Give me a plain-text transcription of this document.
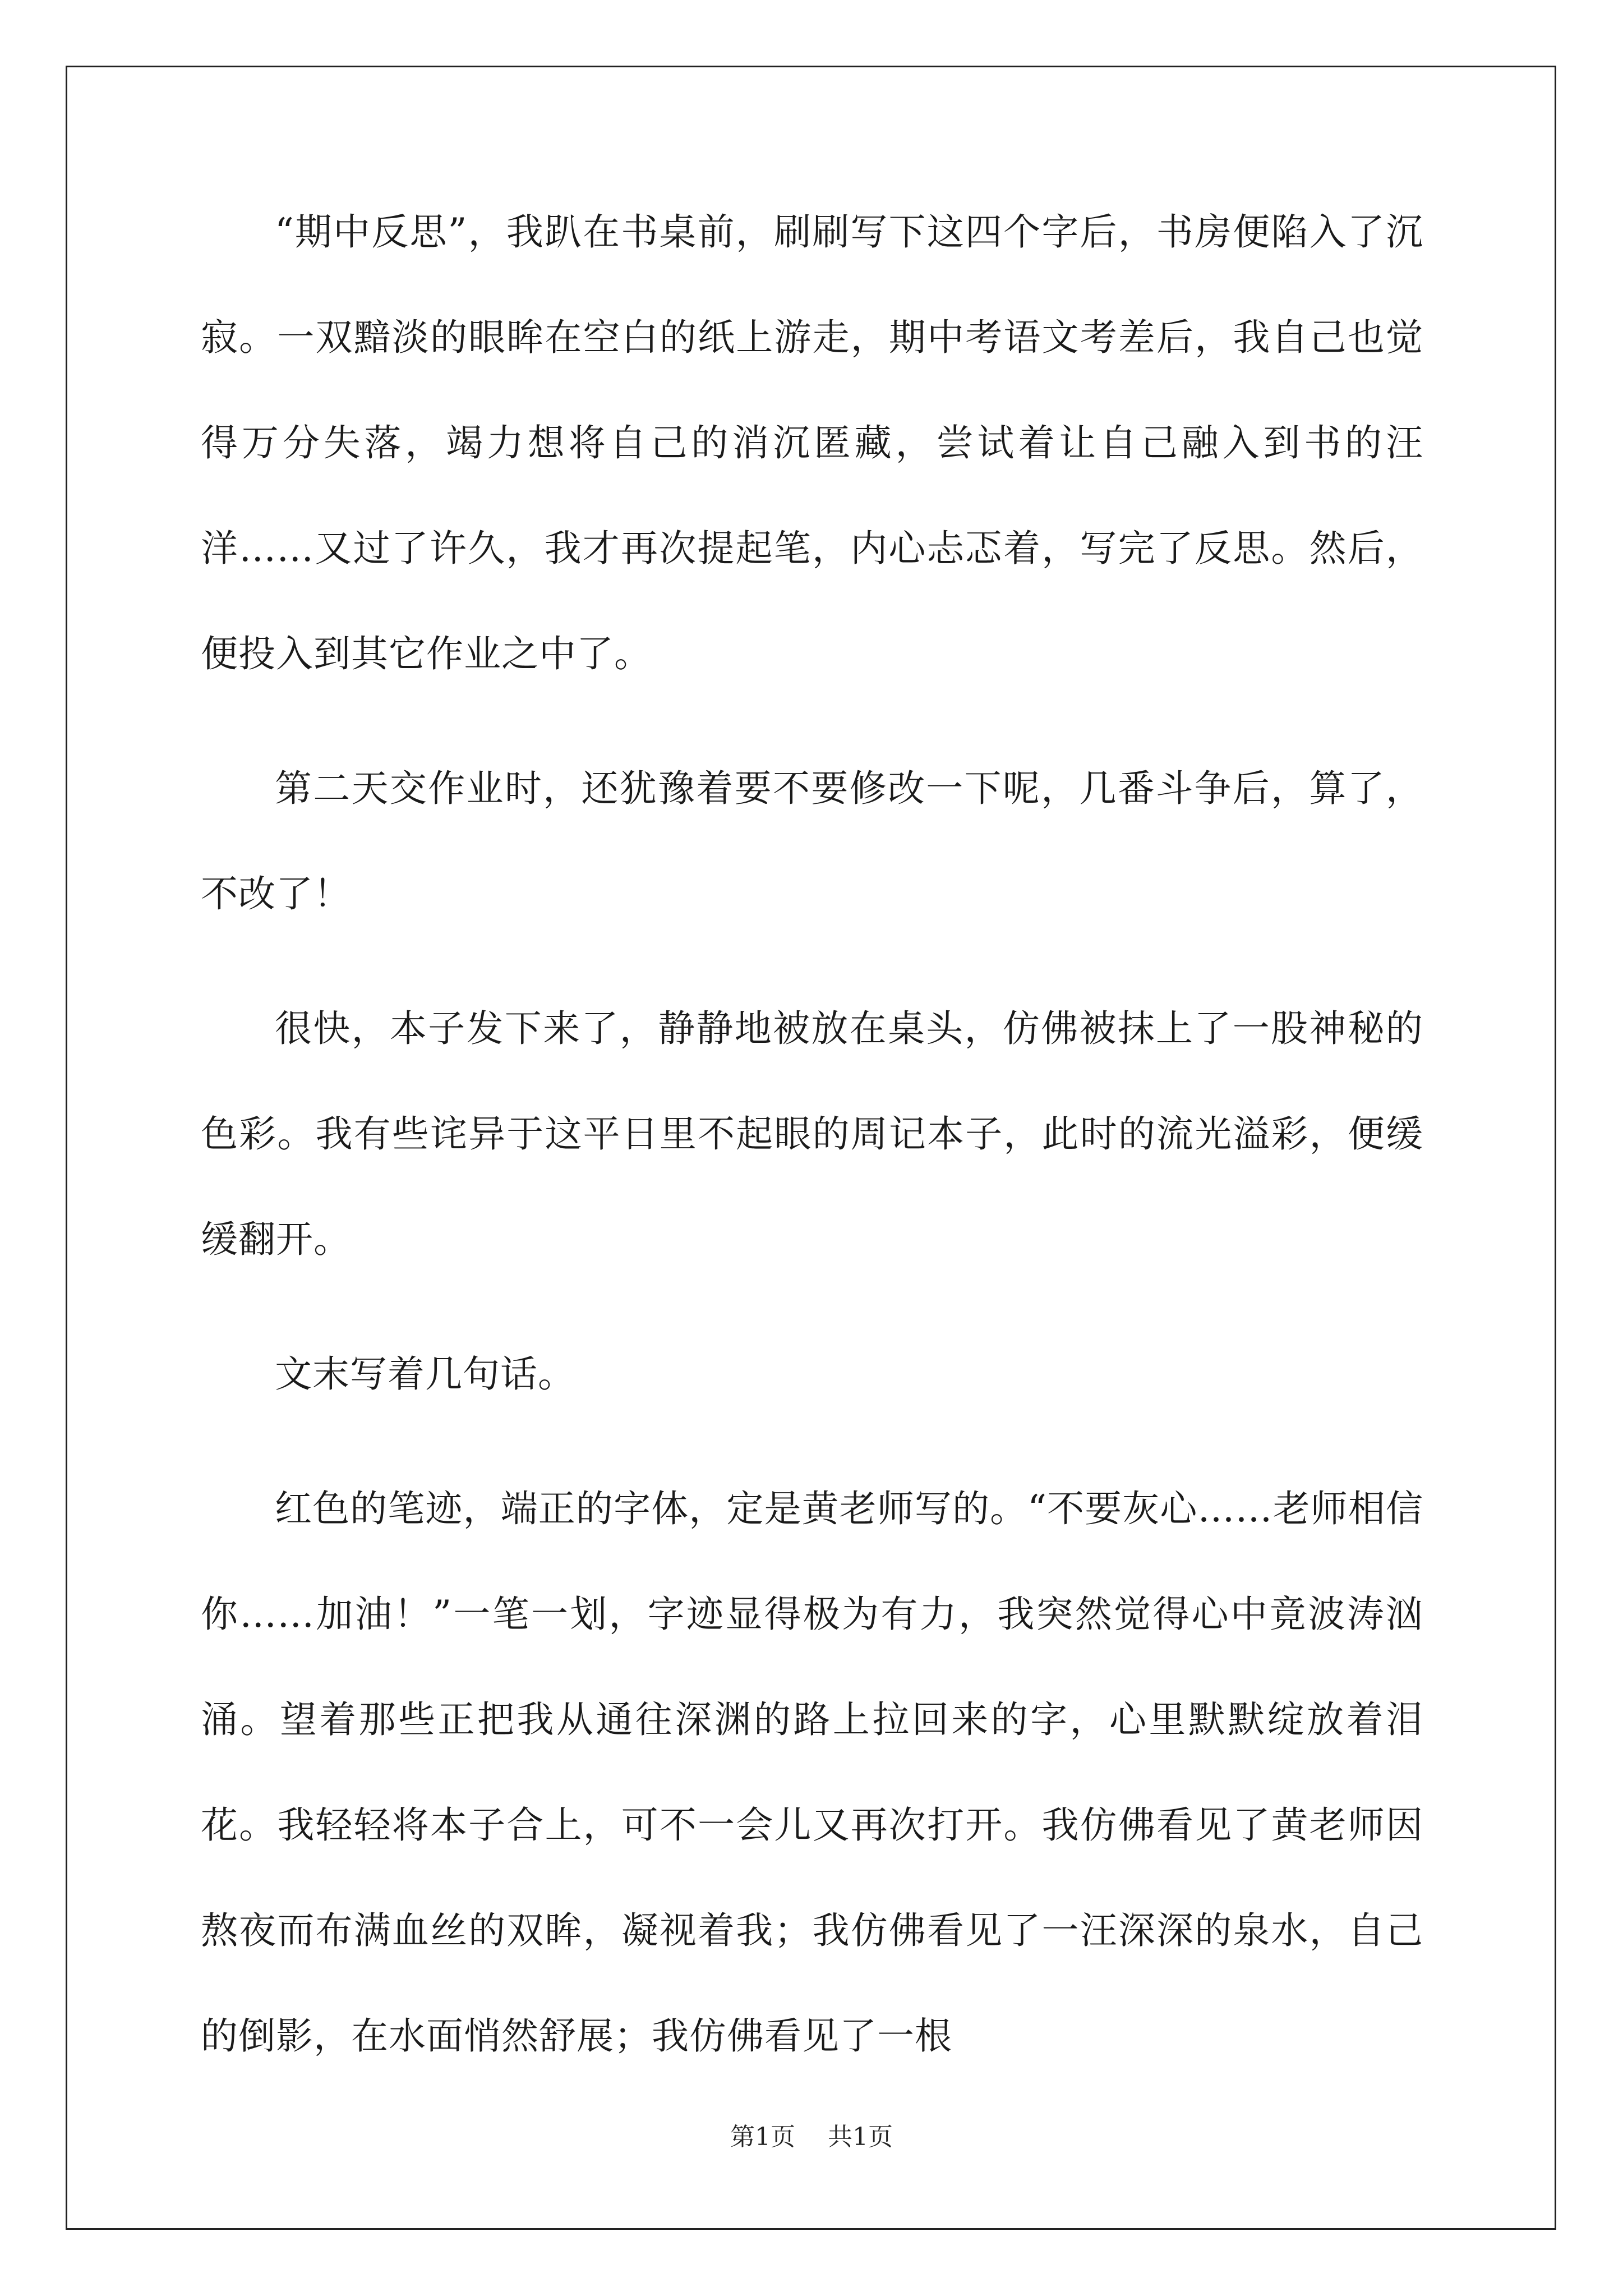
“期中反思”，我趴在书桌前，刷刷写下这四个字后，书房便陷入了沉寂。一双黯淡的眼眸在空白的纸上游走，期中考语文考差后，我自己也觉得万分失落，竭力想将自己的消沉匿藏，尝试着让自己融入到书的汪洋……又过了许久，我才再次提起笔，内心忐忑着，写完了反思。然后，便投入到其它作业之中了。

第二天交作业时，还犹豫着要不要修改一下呢，几番斗争后，算了，不改了！

很快，本子发下来了，静静地被放在桌头，仿佛被抹上了一股神秘的色彩。我有些诧异于这平日里不起眼的周记本子，此时的流光溢彩，便缓缓翻开。

文末写着几句话。

红色的笔迹，端正的字体，定是黄老师写的。“不要灰心……老师相信你……加油！”一笔一划，字迹显得极为有力，我突然觉得心中竟波涛汹涌。望着那些正把我从通往深渊的路上拉回来的字，心里默默绽放着泪花。我轻轻将本子合上，可不一会儿又再次打开。我仿佛看见了黄老师因熬夜而布满血丝的双眸，凝视着我；我仿佛看见了一汪深深的泉水，自己的倒影，在水面悄然舒展；我仿佛看见了一根

第1页 共1页
